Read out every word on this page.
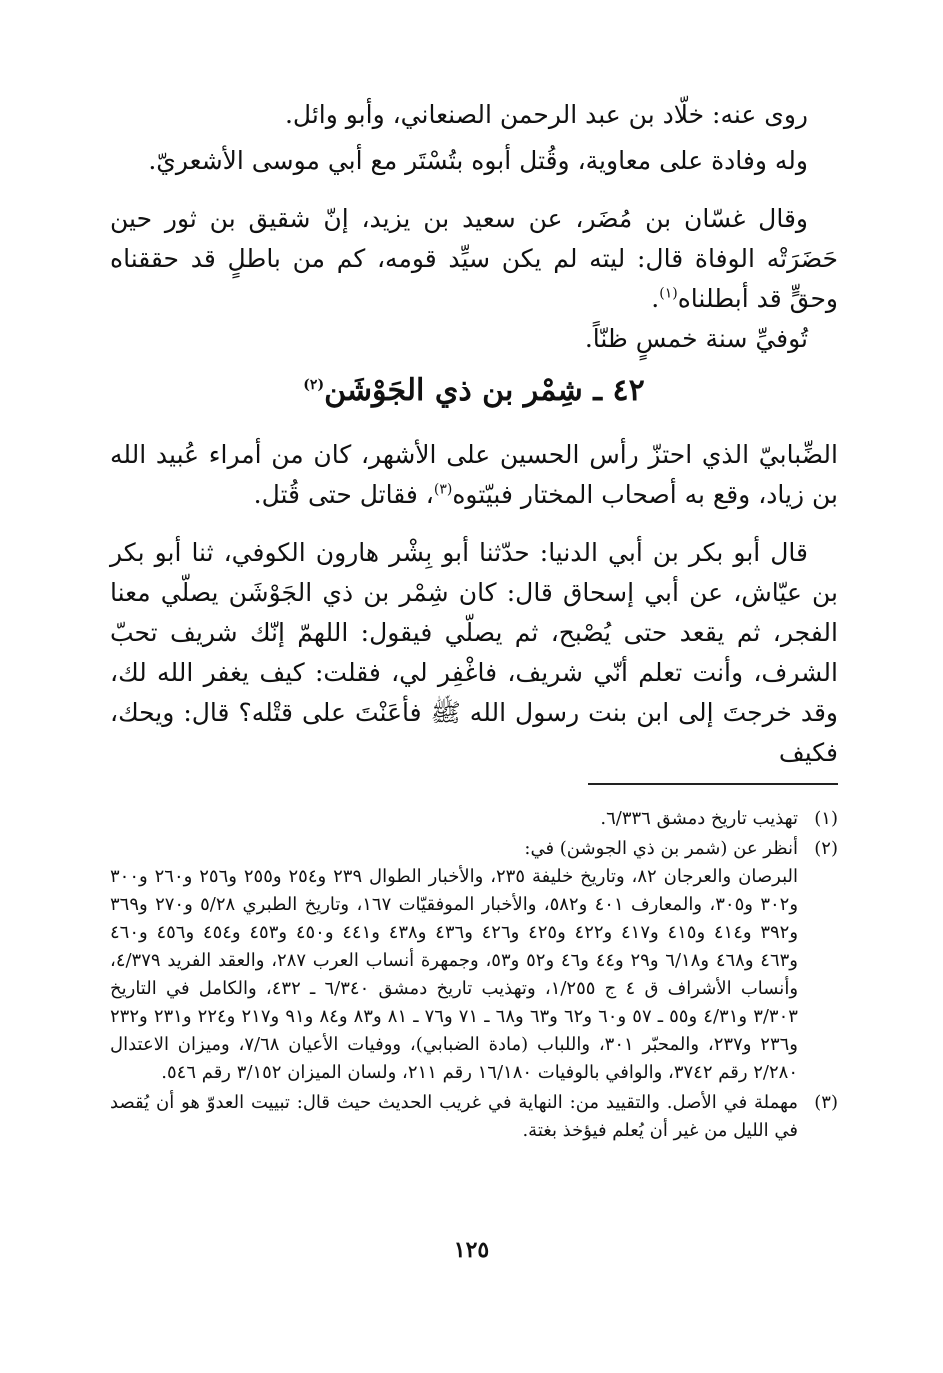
روى عنه: خلّاد بن عبد الرحمن الصنعاني، وأبو وائل.

وله وفادة على معاوية، وقُتل أبوه بتُسْتَر مع أبي موسى الأشعريّ.

وقال غسّان بن مُضَر، عن سعيد بن يزيد، إنّ شقيق بن ثور حين حَضَرَتْه الوفاة قال: ليته لم يكن سيِّد قومه، كم من باطلٍ قد حققناه وحقٍّ قد أبطلناه$^{(١)}$.

تُوفيِّ سنة خمسٍ ظنّاً.

٤٢ ـ شِمْر بن ذي الجَوْشَن$^{(٢)}$

الضِّبابيّ الذي احتزّ رأس الحسين على الأشهر، كان من أمراء عُبيد الله بن زياد، وقع به أصحاب المختار فبيّتوه$^{(٣)}$، فقاتل حتى قُتل.

قال أبو بكر بن أبي الدنيا: حدّثنا أبو بِشْر هارون الكوفي، ثنا أبو بكر بن عيّاش، عن أبي إسحاق قال: كان شِمْر بن ذي الجَوْشَن يصلّي معنا الفجر، ثم يقعد حتى يُصْبح، ثم يصلّي فيقول: اللهمّ إنّك شريف تحبّ الشرف، وأنت تعلم أنّي شريف، فاغْفِر لي، فقلت: كيف يغفر الله لك، وقد خرجتَ إلى ابن بنت رسول الله ﷺ فأعَنْتَ على قتْله؟ قال: ويحك، فكيف

(١)
تهذيب تاريخ دمشق ٦/٣٣٦.
(٢)
أنظر عن (شمر بن ذي الجوشن) في:

البرصان والعرجان ٨٢، وتاريخ خليفة ٢٣٥، والأخبار الطوال ٢٣٩ و٢٥٤ و٢٥٥ و٢٥٦ و٢٦٠ و٣٠٠ و٣٠٢ و٣٠٥، والمعارف ٤٠١ و٥٨٢، والأخبار الموفقيّات ١٦٧، وتاريخ الطبري ٥/٢٨ و٢٧٠ و٣٦٩ و٣٩٢ و٤١٤ و٤١٥ و٤١٧ و٤٢٢ و٤٢٥ و٤٢٦ و٤٣٦ و٤٣٨ و٤٤١ و٤٥٠ و٤٥٣ و٤٥٤ و٤٥٦ و٤٦٠ و٤٦٣ و٤٦٨ و٦/١٨ و٢٩ و٤٤ و٤٦ و٥٢ و٥٣، وجمهرة أنساب العرب ٢٨٧، والعقد الفريد ٤/٣٧٩، وأنساب الأشراف ق ٤ ج ١/٢٥٥، وتهذيب تاريخ دمشق ٦/٣٤٠ ـ ٤٣٢، والكامل في التاريخ ٣/٣٠٣ و٤/٣١ و٥٥ ـ ٥٧ و٦٠ و٦٢ و٦٣ و٦٨ ـ ٧١ و٧٦ ـ ٨١ و٨٣ و٨٤ و٩١ و٢١٧ و٢٢٤ و٢٣١ و٢٣٢ و٢٣٦ و٢٣٧، والمحبّر ٣٠١، واللباب (مادة الضبابي)، ووفيات الأعيان ٧/٦٨، وميزان الاعتدال ٢/٢٨٠ رقم ٣٧٤٢، والوافي بالوفيات ١٦/١٨٠ رقم ٢١١، ولسان الميزان ٣/١٥٢ رقم ٥٤٦.

(٣)
مهملة في الأصل. والتقييد من: النهاية في غريب الحديث حيث قال: تبييت العدوّ هو أن يُقصد في الليل من غير أن يُعلم فيؤخذ بغتة.
١٢٥
